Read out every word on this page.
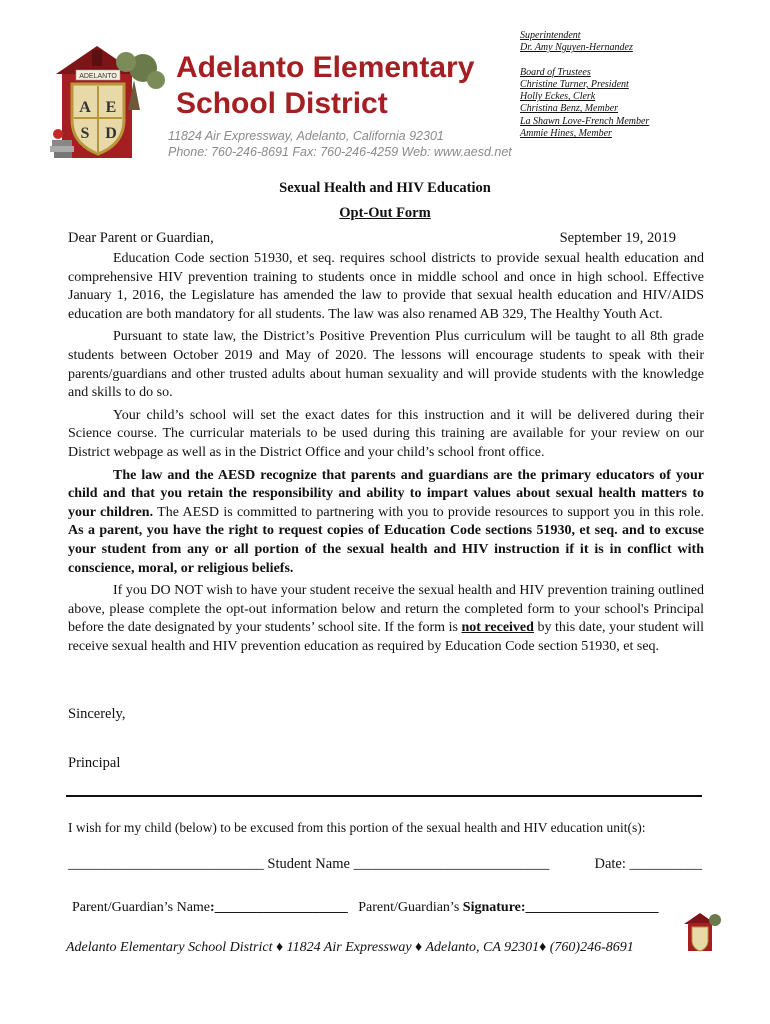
A E
S D
ADELANTO Adelanto Elementary
School District
11824 Air Expressway, Adelanto, California 92301
Phone: 760-246-8691 Fax: 760-246-4259 Web: www.aesd.net
Superintendent
Dr. Amy Nguyen-Hernandez
Board of Trustees
Christine Turner, President
Holly Eckes, Clerk
Christina Benz, Member
La Shawn Love-French Member
Ammie Hines, Member
Sexual Health and HIV Education
Opt-Out Form
Dear Parent or Guardian,	September 19, 2019

Education Code section 51930, et seq. requires school districts to provide sexual health education and comprehensive HIV prevention training to students once in middle school and once in high school. Effective January 1, 2016, the Legislature has amended the law to provide that sexual health education and HIV/AIDS education are both mandatory for all students. The law was also renamed AB 329, The Healthy Youth Act.

Pursuant to state law, the District’s Positive Prevention Plus curriculum will be taught to all 8th grade students between October 2019 and May of 2020. The lessons will encourage students to speak with their parents/guardians and other trusted adults about human sexuality and will provide students with the knowledge and skills to do so.

Your child’s school will set the exact dates for this instruction and it will be delivered during their Science course. The curricular materials to be used during this training are available for your review on our District webpage as well as in the District Office and your child’s school front office.

The law and the AESD recognize that parents and guardians are the primary educators of your child and that you retain the responsibility and ability to impart values about sexual health matters to your children. The AESD is committed to partnering with you to provide resources to support you in this role. As a parent, you have the right to request copies of Education Code sections 51930, et seq. and to excuse your student from any or all portion of the sexual health and HIV instruction if it is in conflict with conscience, moral, or religious beliefs.

If you DO NOT wish to have your student receive the sexual health and HIV prevention training outlined above, please complete the opt-out information below and return the completed form to your school's Principal before the date designated by your students’ school site. If the form is not received by this date, your student will receive sexual health and HIV prevention education as required by Education Code section 51930, et seq.

Sincerely,
Principal
I wish for my child (below) to be excused from this portion of the sexual health and HIV education unit(s):
___________________________ Student Name ___________________________	Date: __________
Parent/Guardian’s Name:___________________ Parent/Guardian’s Signature:___________________
Adelanto Elementary School District ♦ 11824 Air Expressway ♦ Adelanto, CA 92301♦ (760)246-8691
